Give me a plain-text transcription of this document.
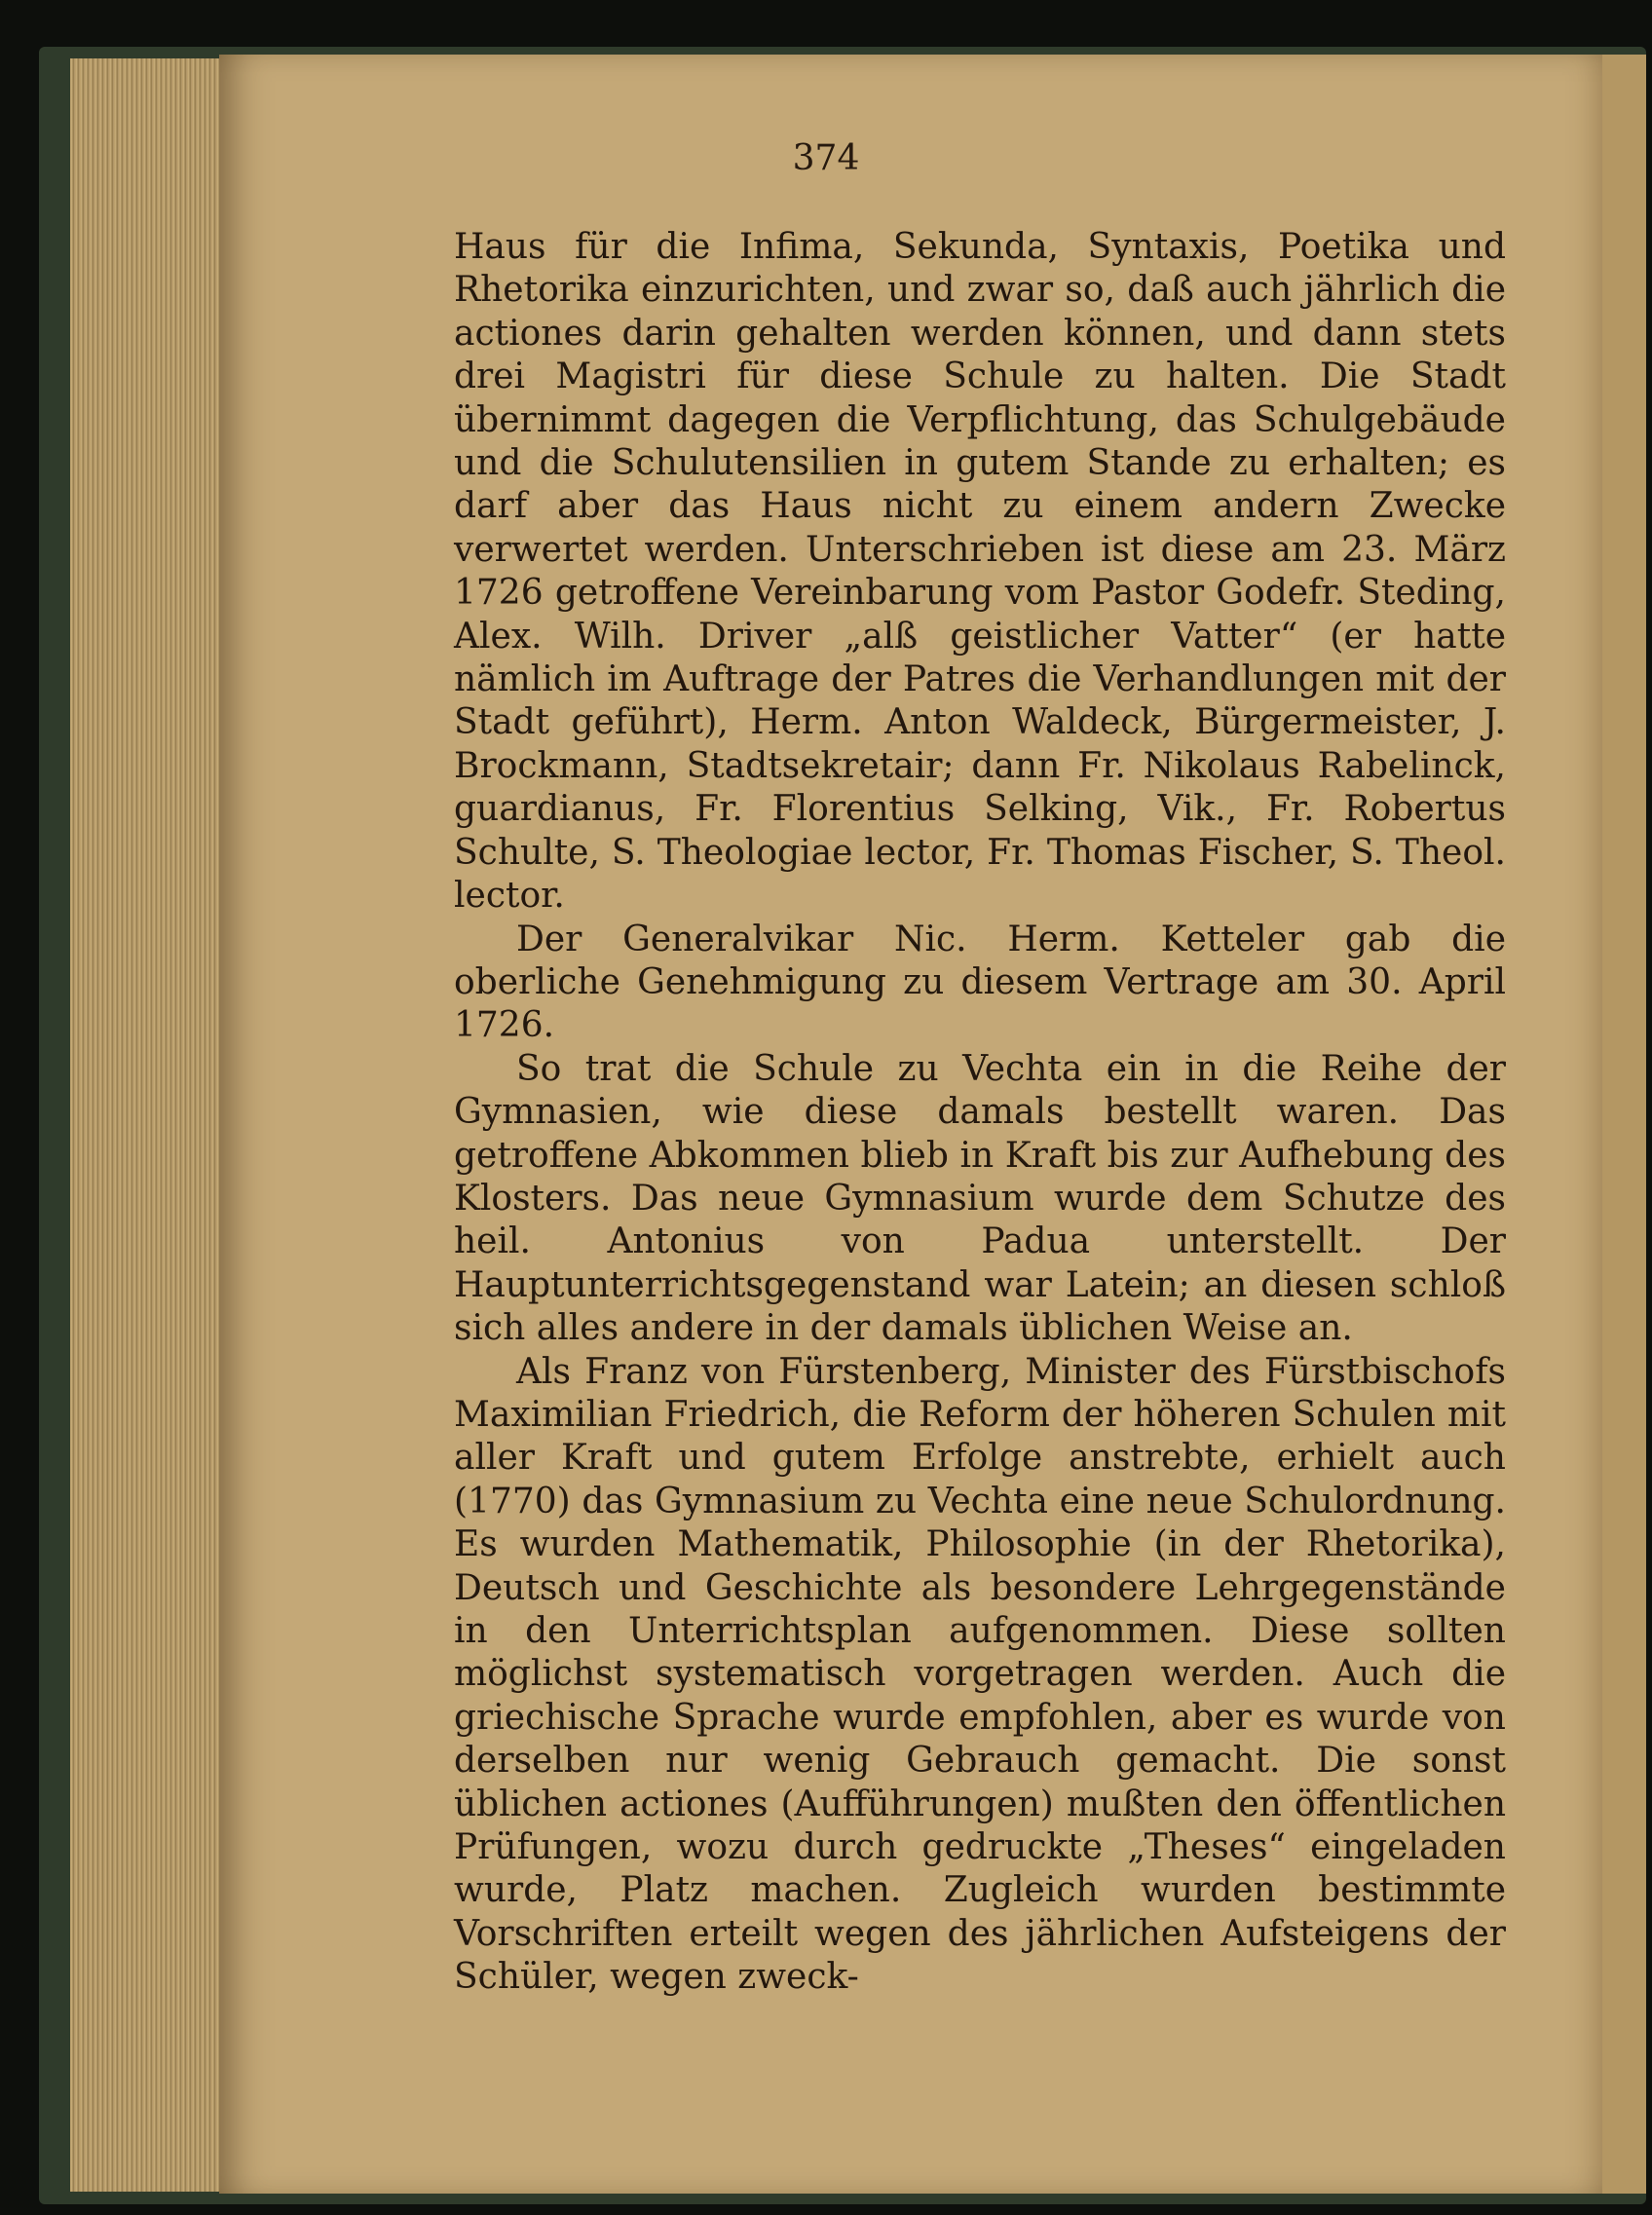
374

Haus für die Infima, Sekunda, Syntaxis, Poetika und Rhetorika einzurichten, und zwar so, daß auch jährlich die actiones darin gehalten werden können, und dann stets drei Magistri für diese Schule zu halten. Die Stadt übernimmt dagegen die Verpflichtung, das Schulgebäude und die Schulutensilien in gutem Stande zu erhalten; es darf aber das Haus nicht zu einem andern Zwecke verwertet werden. Unterschrieben ist diese am 23. März 1726 getroffene Vereinbarung vom Pastor Godefr. Steding, Alex. Wilh. Driver „alß geistlicher Vatter“ (er hatte nämlich im Auftrage der Patres die Verhandlungen mit der Stadt geführt), Herm. Anton Waldeck, Bürgermeister, J. Brockmann, Stadtsekretair; dann Fr. Nikolaus Rabelinck, guardianus, Fr. Florentius Selking, Vik., Fr. Robertus Schulte, S. Theologiae lector, Fr. Thomas Fischer, S. Theol. lector.

Der Generalvikar Nic. Herm. Ketteler gab die oberliche Genehmigung zu diesem Vertrage am 30. April 1726.

So trat die Schule zu Vechta ein in die Reihe der Gymnasien, wie diese damals bestellt waren. Das getroffene Abkommen blieb in Kraft bis zur Aufhebung des Klosters. Das neue Gymnasium wurde dem Schutze des heil. Antonius von Padua unterstellt. Der Hauptunterrichtsgegenstand war Latein; an diesen schloß sich alles andere in der damals üblichen Weise an.

Als Franz von Fürstenberg, Minister des Fürstbischofs Maximilian Friedrich, die Reform der höheren Schulen mit aller Kraft und gutem Erfolge anstrebte, erhielt auch (1770) das Gymnasium zu Vechta eine neue Schulordnung. Es wurden Mathematik, Philosophie (in der Rhetorika), Deutsch und Geschichte als besondere Lehrgegenstände in den Unterrichtsplan aufgenommen. Diese sollten möglichst systematisch vorgetragen werden. Auch die griechische Sprache wurde empfohlen, aber es wurde von derselben nur wenig Gebrauch gemacht. Die sonst üblichen actiones (Aufführungen) mußten den öffentlichen Prüfungen, wozu durch gedruckte „Theses“ eingeladen wurde, Platz machen. Zugleich wurden bestimmte Vorschriften erteilt wegen des jährlichen Aufsteigens der Schüler, wegen zweck-
